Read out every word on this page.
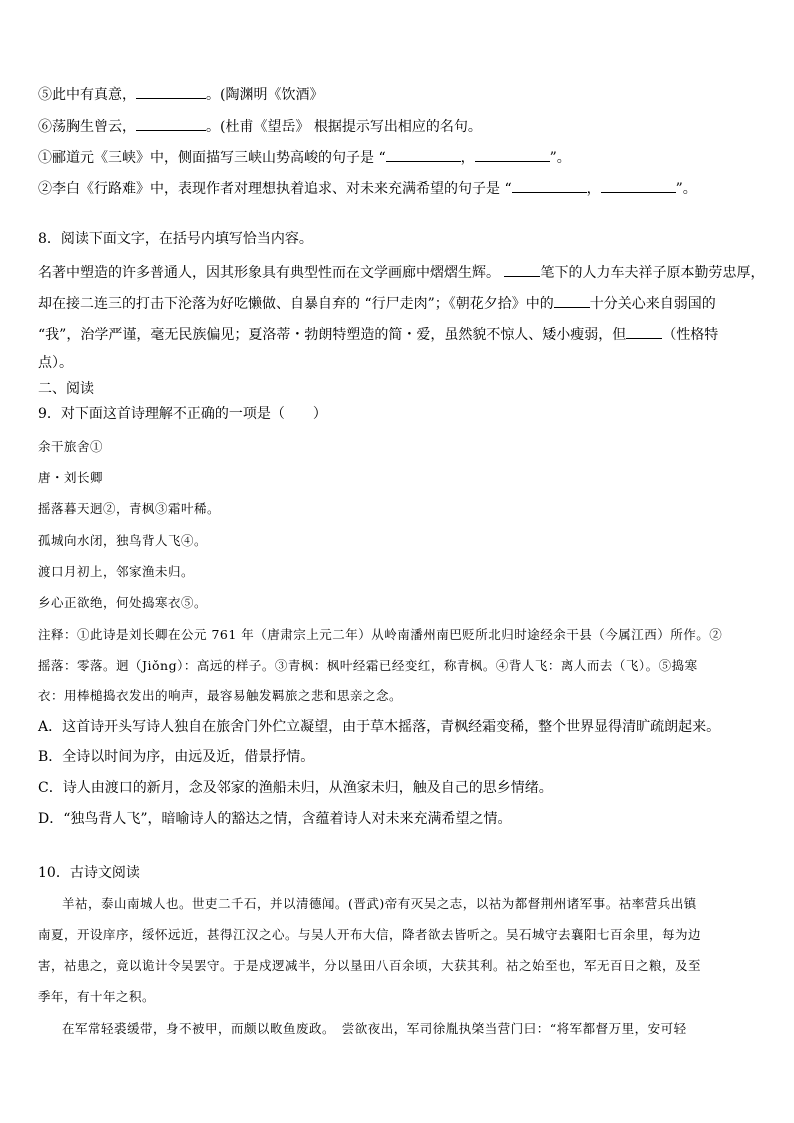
⑤此中有真意，	。(陶渊明《饮酒》
⑥荡胸生曾云，	。(杜甫《望岳》 根据提示写出相应的名句。
①郦道元《三峡》中，侧面描写三峡山势高峻的句子是 “	，	”。
②李白《行路难》中，表现作者对理想执着追求、对未来充满希望的句子是 “	，	”。
8．阅读下面文字，在括号内填写恰当内容。
名著中塑造的许多普通人，因其形象具有典型性而在文学画廊中熠熠生辉。	笔下的人力车夫祥子原本勤劳忠厚，
却在接二连三的打击下沦落为好吃懒做、自暴自弃的 “行尸走肉”；《朝花夕拾》中的	十分关心来自弱国的
“我”，治学严谨，毫无民族偏见；夏洛蒂・勃朗特塑造的简・爱，虽然貌不惊人、矮小瘦弱，但	（性格特
点）。
二、阅读
9．对下面这首诗理解不正确的一项是（　　）
余干旅舍①
唐・刘长卿
摇落暮天迥②，青枫③霜叶稀。
孤城向水闭，独鸟背人飞④。
渡口月初上，邻家渔未归。
乡心正欲绝，何处捣寒衣⑤。
注释：①此诗是刘长卿在公元 761 年（唐肃宗上元二年）从岭南潘州南巴贬所北归时途经余干县（今属江西）所作。②
摇落：零落。迥（Jiǒng）：高远的样子。③青枫：枫叶经霜已经变红，称青枫。④背人飞：离人而去（飞）。⑤捣寒
衣：用棒槌捣衣发出的响声，最容易触发羁旅之悲和思亲之念。
A．这首诗开头写诗人独自在旅舍门外伫立凝望，由于草木摇落，青枫经霜变稀，整个世界显得清旷疏朗起来。
B．全诗以时间为序，由远及近，借景抒情。
C．诗人由渡口的新月，念及邻家的渔船未归，从渔家未归，触及自己的思乡情绪。
D．“独鸟背人飞”，暗喻诗人的豁达之情，含蕴着诗人对未来充满希望之情。
10．古诗文阅读
羊祜，泰山南城人也。世吏二千石，并以清德闻。(晋武)帝有灭吴之志，以祜为都督荆州诸军事。祜率营兵出镇
南夏，开设庠序，绥怀远近，甚得江汉之心。与吴人开布大信，降者欲去皆听之。吴石城守去襄阳七百余里，每为边
害，祜患之，竟以诡计令吴罢守。于是戍逻减半，分以垦田八百余顷，大获其利。祜之始至也，军无百日之粮，及至
季年，有十年之积。
在军常轻裘缓带，身不被甲，而颇以畋鱼废政。　尝欲夜出，军司徐胤执棨当营门曰：“将军都督万里，安可轻
